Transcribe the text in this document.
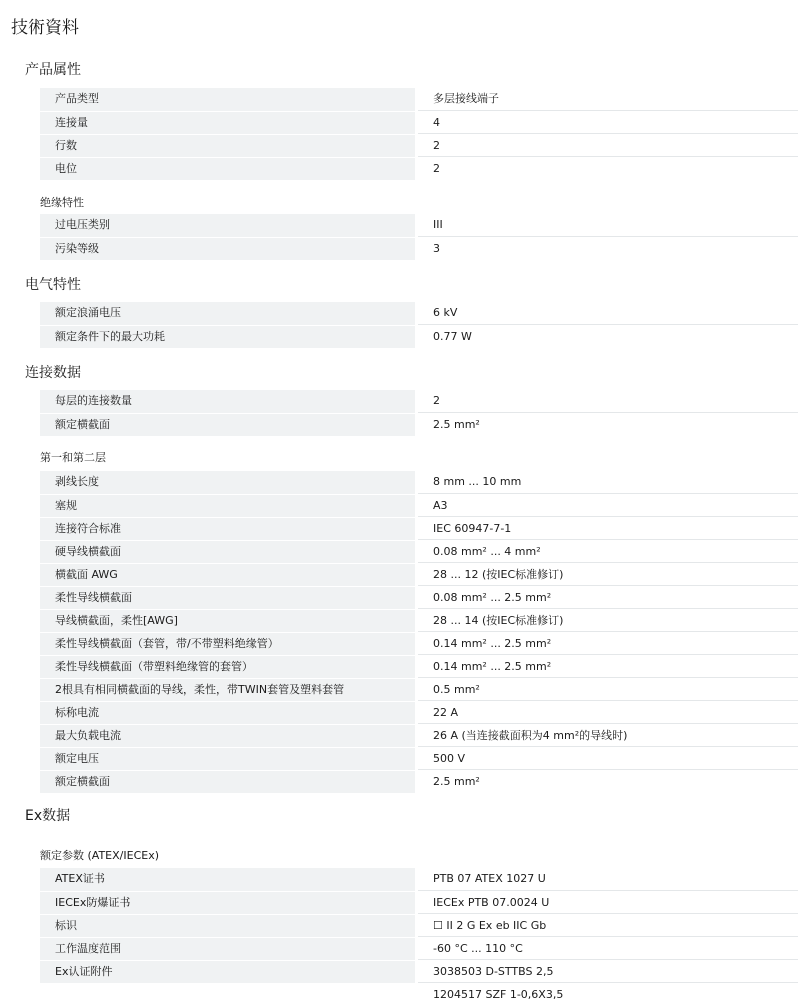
技術資料
产品属性
产品类型	多层接线端子
连接量	4
行数	2
电位	2
绝缘特性
过电压类别	III
污染等级	3
电气特性
额定浪涌电压	6 kV
额定条件下的最大功耗	0.77 W
连接数据
每层的连接数量	2
额定横截面	2.5 mm²
第一和第二层
剥线长度	8 mm ... 10 mm
塞规	A3
连接符合标准	IEC 60947-7-1
硬导线横截面	0.08 mm² ... 4 mm²
横截面 AWG	28 ... 12 (按IEC标准修订)
柔性导线横截面	0.08 mm² ... 2.5 mm²
导线横截面，柔性[AWG]	28 ... 14 (按IEC标准修订)
柔性导线横截面（套管，带/不带塑料绝缘管）	0.14 mm² ... 2.5 mm²
柔性导线横截面（带塑料绝缘管的套管）	0.14 mm² ... 2.5 mm²
2根具有相同横截面的导线，柔性，带TWIN套管及塑料套管	0.5 mm²
标称电流	22 A
最大负载电流	26 A (当连接截面积为4 mm²的导线时)
额定电压	500 V
额定横截面	2.5 mm²
Ex数据
额定参数 (ATEX/IECEx)
ATEX证书	PTB 07 ATEX 1027 U
IECEx防爆证书	IECEx PTB 07.0024 U
标识	☐ II 2 G Ex eb IIC Gb
工作温度范围	-60 °C ... 110 °C
Ex认证附件	3038503 D-STTBS 2,5
1204517 SZF 1-0,6X3,5
